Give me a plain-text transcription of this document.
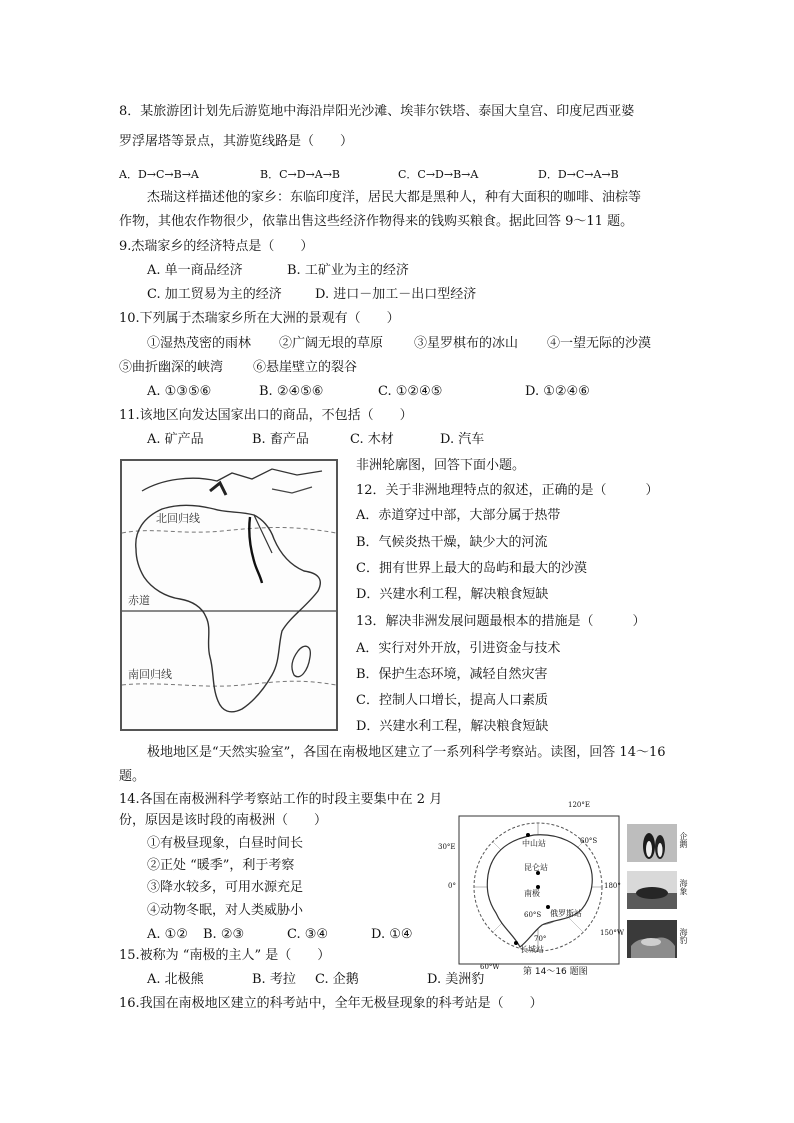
8．某旅游团计划先后游览地中海沿岸阳光沙滩、埃菲尔铁塔、泰国大皇宫、印度尼西亚婆
罗浮屠塔等景点，其游览线路是（　　）
A．D→C→B→A	B．C→D→A→B	C．C→D→B→A	D．D→C→A→B
杰瑞这样描述他的家乡：东临印度洋，居民大都是黑种人，种有大面积的咖啡、油棕等
作物，其他农作物很少，依靠出售这些经济作物得来的钱购买粮食。据此回答 9～11 题。
9.杰瑞家乡的经济特点是（　　）
A. 单一商品经济	B. 工矿业为主的经济
C. 加工贸易为主的经济	D. 进口－加工－出口型经济
10.下列属于杰瑞家乡所在大洲的景观有（　　）
①湿热茂密的雨林 ②广阔无垠的草原 ③星罗棋布的冰山 ④一望无际的沙漠
⑤曲折幽深的峡湾 ⑥悬崖壁立的裂谷
A. ①③⑤⑥	B. ②④⑤⑥	C. ①②④⑤	D. ①②④⑥
11.该地区向发达国家出口的商品，不包括（　　）
A. 矿产品	B. 畜产品	C. 木材	D. 汽车
北回归线
赤道
南回归线
非洲轮廓图，回答下面小题。
12．关于非洲地理特点的叙述，正确的是（　　　）
A．赤道穿过中部，大部分属于热带
B．气候炎热干燥，缺少大的河流
C．拥有世界上最大的岛屿和最大的沙漠
D．兴建水利工程，解决粮食短缺
13．解决非洲发展问题最根本的措施是（　　　）
A．实行对外开放，引进资金与技术
B．保护生态环境，减轻自然灾害
C．控制人口增长，提高人口素质
D．兴建水利工程，解决粮食短缺
极地地区是“天然实验室”，各国在南极地区建立了一系列科学考察站。读图，回答 14～16
题。
14.各国在南极洲科学考察站工作的时段主要集中在 2 月
份，原因是该时段的南极洲（　　）
①有极昼现象，白昼时间长
②正处 “暖季”，利于考察
③降水较多，可用水源充足
④动物冬眠，对人类威胁小
A. ①② B. ②③	C. ③④	D. ①④
15.被称为 “南极的主人” 是（　　）
A. 北极熊	B. 考拉 C. 企鹅	D. 美洲豹
16.我国在南极地区建立的科考站中，全年无极昼现象的科考站是（　　）
120°E
30°E
0°	180°
150°W
60°W
60°S
60°S
70°
中山站
昆仑站
南极
俄罗斯站
长城站
第 14～16 题图
企鹅
海象
海豹
